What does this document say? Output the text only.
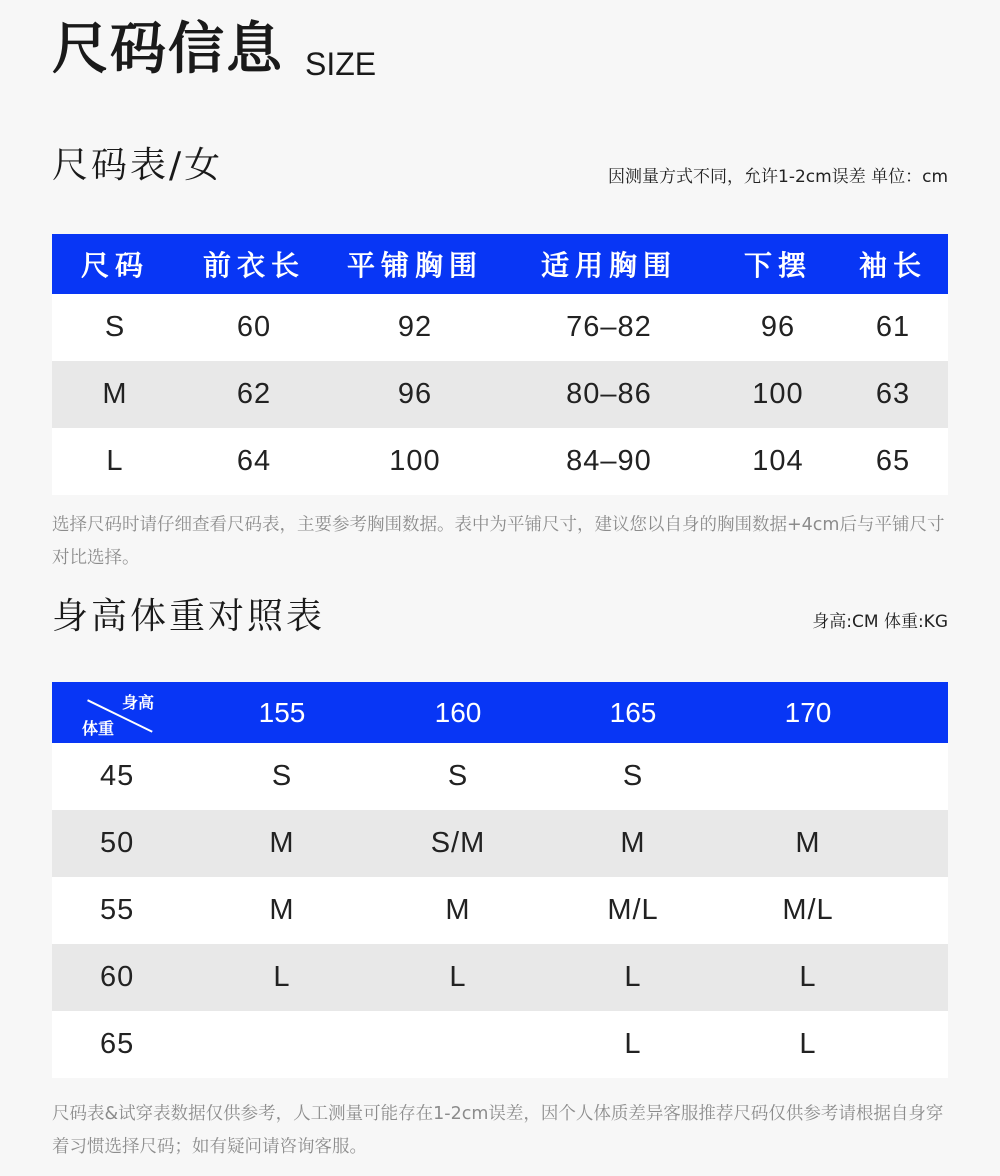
尺码信息 SIZE
尺码表/女	因测量方式不同，允许1-2cm误差 单位：cm
尺码	前衣长	平铺胸围	适用胸围	下摆	袖长
S	60	92	76–82	96	61
M	62	96	80–86	100	63
L	64	100	84–90	104	65
选择尺码时请仔细查看尺码表，主要参考胸围数据。表中为平铺尺寸，建议您以自身的胸围数据+4cm后与平铺尺寸对比选择。
身高体重对照表	身高:CM 体重:KG
身高
体重	155	160	165	170	
45	S	S	S		
50	M	S/M	M	M	
55	M	M	M/L	M/L	
60	L	L	L	L	
65			L	L	
尺码表&试穿表数据仅供参考，人工测量可能存在1-2cm误差，因个人体质差异客服推荐尺码仅供参考请根据自身穿着习惯选择尺码；如有疑问请咨询客服。
